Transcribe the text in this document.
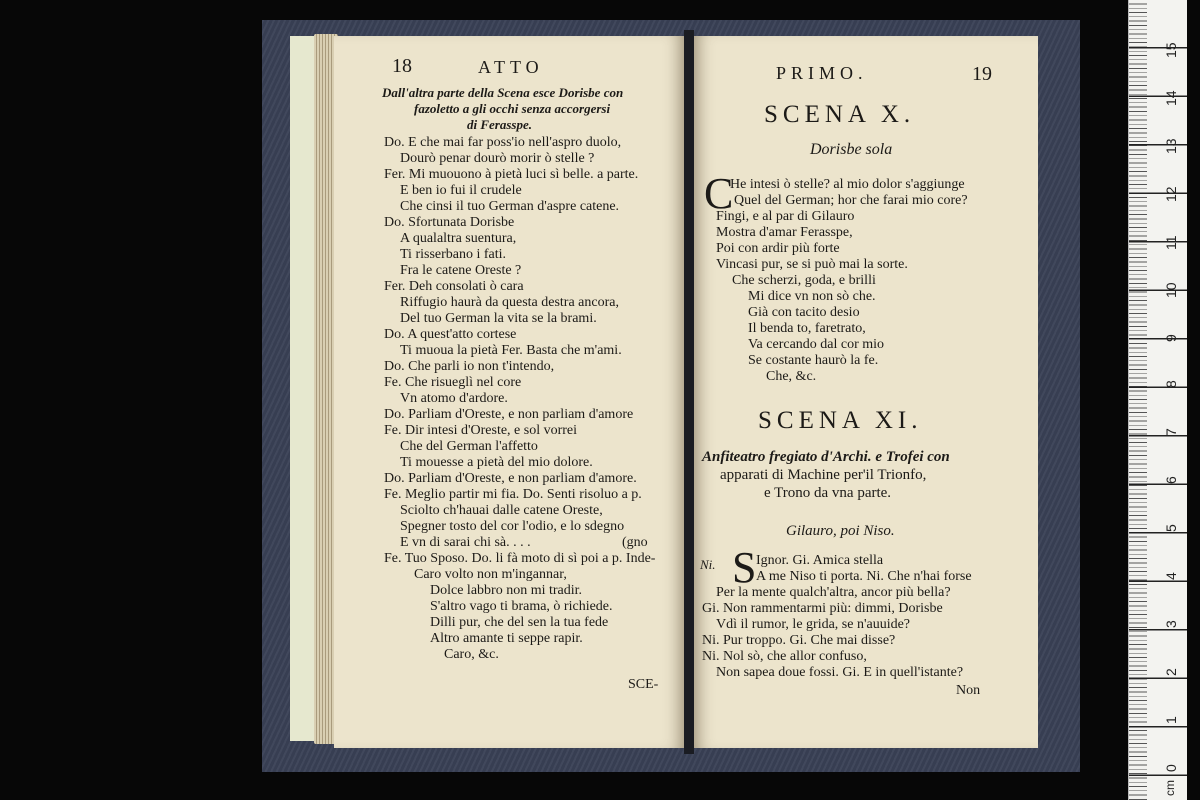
18	ATTO
Dall'altra parte della Scena esce Dorisbe con
fazoletto a gli occhi senza accorgersi
di Ferasspe.
Do. E che mai far poss'io nell'aspro duolo,
Dourò penar dourò morir ò stelle ?
Fer. Mi muouono à pietà luci sì belle. a parte.
E ben io fui il crudele
Che cinsi il tuo German d'aspre catene.
Do. Sfortunata Dorisbe
A qualaltra suentura,
Ti risserbano i fati.
Fra le catene Oreste ?
Fer. Deh consolati ò cara
Riffugio haurà da questa destra ancora,
Del tuo German la vita se la brami.
Do. A quest'atto cortese
Ti muoua la pietà Fer. Basta che m'ami.
Do. Che parli io non t'intendo,
Fe. Che risueglì nel core
Vn atomo d'ardore.
Do. Parliam d'Oreste, e non parliam d'amore
Fe. Dir intesi d'Oreste, e sol vorrei
Che del German l'affetto
Ti mouesse a pietà del mio dolore.
Do. Parliam d'Oreste, e non parliam d'amore.
Fe. Meglio partir mi fia. Do. Senti risoluo a p.
Sciolto ch'hauai dalle catene Oreste,
Spegner tosto del cor l'odio, e lo sdegno
E vn di sarai chi sà. . . .	(gno
Fe. Tuo Sposo. Do. li fà moto di sì poi a p. Inde-
Caro volto non m'ingannar,
Dolce labbro non mi tradir.
S'altro vago ti brama, ò richiede.
Dilli pur, che del sen la tua fede
Altro amante ti seppe rapir.
Caro, &c.
SCE-
PRIMO.	19
SCENA X.
Dorisbe sola
C
He intesi ò stelle? al mio dolor s'aggiunge
Quel del German; hor che farai mio core?
Fingi, e al par di Gilauro
Mostra d'amar Ferasspe,
Poi con ardir più forte
Vincasi pur, se si può mai la sorte.
Che scherzi, goda, e brilli
Mi dice vn non sò che.
Già con tacito desio
Il benda to, faretrato,
Va cercando dal cor mio
Se costante haurò la fe.
Che, &c.
SCENA XI.
Anfiteatro fregiato d'Archi. e Trofei con
apparati di Machine per'il Trionfo,
e Trono da vna parte.
Gilauro, poi Niso.
Ni. S Ignor. Gi. Amica stella
A me Niso ti porta. Ni. Che n'hai forse
Per la mente qualch'altra, ancor più bella?
Gi. Non rammentarmi più: dimmi, Dorisbe
Vdì il rumor, le grida, se n'auuide?
Ni. Pur troppo. Gi. Che mai disse?
Ni. Nol sò, che allor confuso,
Non sapea doue fossi. Gi. E in quell'istante?
Non
cm
0
1
2
3
4
5
6
7
8
9
10
11
12
13
14
15
